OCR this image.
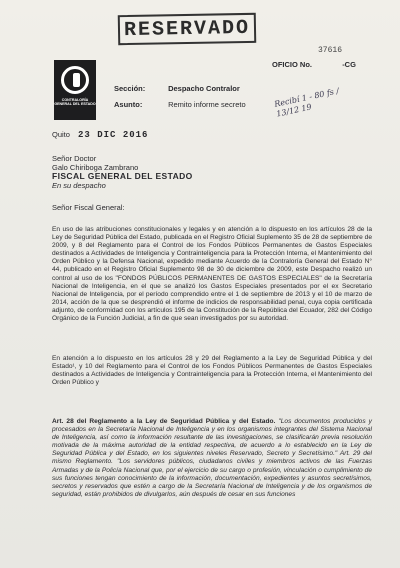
RESERVADO
37616
OFICIO No.	-CG
CONTRALORÍA GENERAL DEL ESTADO
Sección:	Despacho Contralor
Asunto:	Remito informe secreto	Recibí 1 - 80 fs / 13/12 19
Quito 23 DIC 2016
Señor Doctor
Galo Chiriboga Zambrano
FISCAL GENERAL DEL ESTADO
En su despacho
Señor Fiscal General:
En uso de las atribuciones constitucionales y legales y en atención a lo dispuesto en los artículos 28 de la Ley de Seguridad Pública del Estado, publicada en el Registro Oficial Suplemento 35 de 28 de septiembre de 2009, y 8 del Reglamento para el Control de los Fondos Públicos Permanentes de Gastos Especiales destinados a Actividades de Inteligencia y Contrainteligencia para la Protección Interna, el Mantenimiento del Orden Público y la Defensa Nacional, expedido mediante Acuerdo de la Contraloría General del Estado N° 44, publicado en el Registro Oficial Suplemento 98 de 30 de diciembre de 2009, este Despacho realizó un control al uso de los "FONDOS PÚBLICOS PERMANENTES DE GASTOS ESPECIALES" de la Secretaría Nacional de Inteligencia, en el que se analizó los Gastos Especiales presentados por el ex Secretario Nacional de Inteligencia, por el período comprendido entre el 1 de septiembre de 2013 y el 10 de marzo de 2014, acción de la que se desprendió el informe de indicios de responsabilidad penal, cuya copia certificada adjunto, de conformidad con los artículos 195 de la Constitución de la República del Ecuador, 282 del Código Orgánico de la Función Judicial, a fin de que sean investigados por su autoridad.
En atención a lo dispuesto en los artículos 28 y 29 del Reglamento a la Ley de Seguridad Pública y del Estado¹, y 10 del Reglamento para el Control de los Fondos Públicos Permanentes de Gastos Especiales destinados a Actividades de Inteligencia y Contrainteligencia para la Protección Interna, el Mantenimiento del Orden Público y
Art. 28 del Reglamento a la Ley de Seguridad Pública y del Estado. "Los documentos producidos y procesados en la Secretaría Nacional de Inteligencia y en los organismos integrantes del Sistema Nacional de Inteligencia, así como la información resultante de las investigaciones, se clasificarán previa resolución motivada de la máxima autoridad de la entidad respectiva, de acuerdo a lo establecido en la Ley de Seguridad Pública y del Estado, en los siguientes niveles Reservado, Secreto y Secretísimo." Art. 29 del mismo Reglamento. "Los servidores públicos, ciudadanos civiles y miembros activos de las Fuerzas Armadas y de la Policía Nacional que, por el ejercicio de su cargo o profesión, vinculación o cumplimiento de sus funciones tengan conocimiento de la información, documentación, expedientes y asuntos secretísimos, secretos y reservados que estén a cargo de la Secretaría Nacional de Inteligencia y de los organismos de seguridad, están prohibidos de divulgarlos, aún después de cesar en sus funciones
